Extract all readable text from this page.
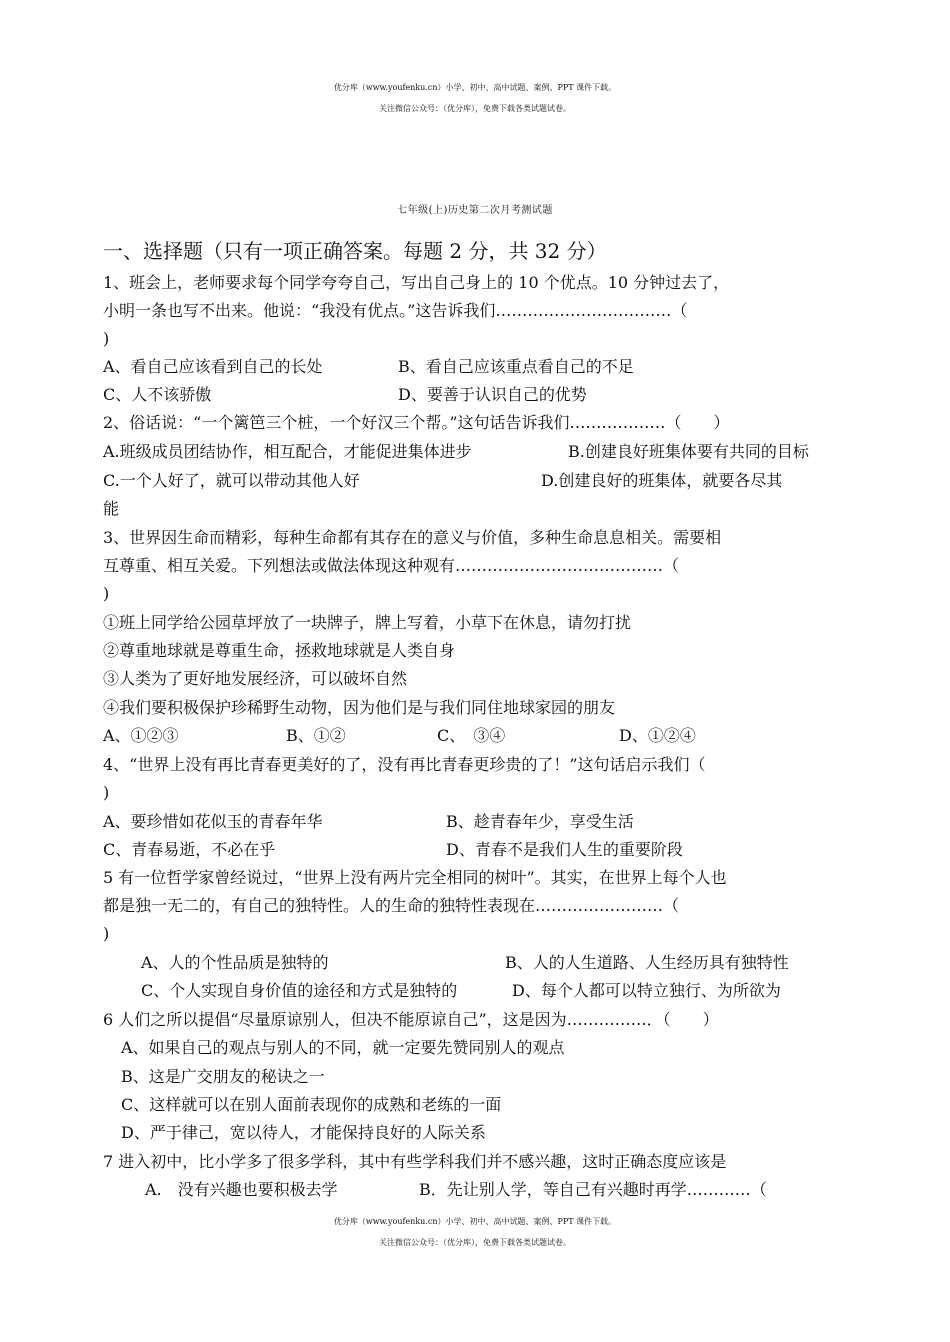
优分库（www.youfenku.cn）小学、初中、高中试题、案例、PPT 课件下载。
关注微信公众号：（优分库），免费下载各类试题试卷。
七年级(上)历史第二次月考测试题
一、选择题（只有一项正确答案。每题 2 分，共 32 分）
1、班会上，老师要求每个同学夸夸自己，写出自己身上的 10 个优点。10 分钟过去了，
小明一条也写不出来。他说：“我没有优点。”这告诉我们……………………………（
)
A、看自己应该看到自己的长处	B、看自己应该重点看自己的不足
C、人不该骄傲	D、要善于认识自己的优势
2、俗话说：“一个篱笆三个桩，一个好汉三个帮。”这句话告诉我们………………（　　）
A.班级成员团结协作，相互配合，才能促进集体进步	B.创建良好班集体要有共同的目标
C.一个人好了，就可以带动其他人好	D.创建良好的班集体，就要各尽其
能
3、世界因生命而精彩，每种生命都有其存在的意义与价值，多种生命息息相关。需要相
互尊重、相互关爱。下列想法或做法体现这种观有…………………………………（
)
①班上同学给公园草坪放了一块牌子，牌上写着，小草下在休息，请勿打扰
②尊重地球就是尊重生命，拯救地球就是人类自身
③人类为了更好地发展经济，可以破坏自然
④我们要积极保护珍稀野生动物，因为他们是与我们同住地球家园的朋友
A、①②③	B、①②	C、　③④	D、①②④
4、“世界上没有再比青春更美好的了，没有再比青春更珍贵的了！”这句话启示我们（
)
A、要珍惜如花似玉的青春年华	B、趁青春年少，享受生活
C、青春易逝，不必在乎	D、青春不是我们人生的重要阶段
5 有一位哲学家曾经说过，“世界上没有两片完全相同的树叶”。其实，在世界上每个人也
都是独一无二的，有自己的独特性。人的生命的独特性表现在……………………（
)
A、人的个性品质是独特的	B、人的人生道路、人生经历具有独特性
C、个人实现自身价值的途径和方式是独特的	D、每个人都可以特立独行、为所欲为
6 人们之所以提倡“尽量原谅别人，但决不能原谅自己”，这是因为……………．（　　）
A、如果自己的观点与别人的不同，就一定要先赞同别人的观点
B、这是广交朋友的秘诀之一
C、这样就可以在别人面前表现你的成熟和老练的一面
D、严于律己，宽以待人，才能保持良好的人际关系
7 进入初中，比小学多了很多学科，其中有些学科我们并不感兴趣，这时正确态度应该是
A.　没有兴趣也要积极去学	B．先让别人学，等自己有兴趣时再学…………（
优分库（www.youfenku.cn）小学、初中、高中试题、案例、PPT 课件下载。
关注微信公众号：（优分库），免费下载各类试题试卷。
